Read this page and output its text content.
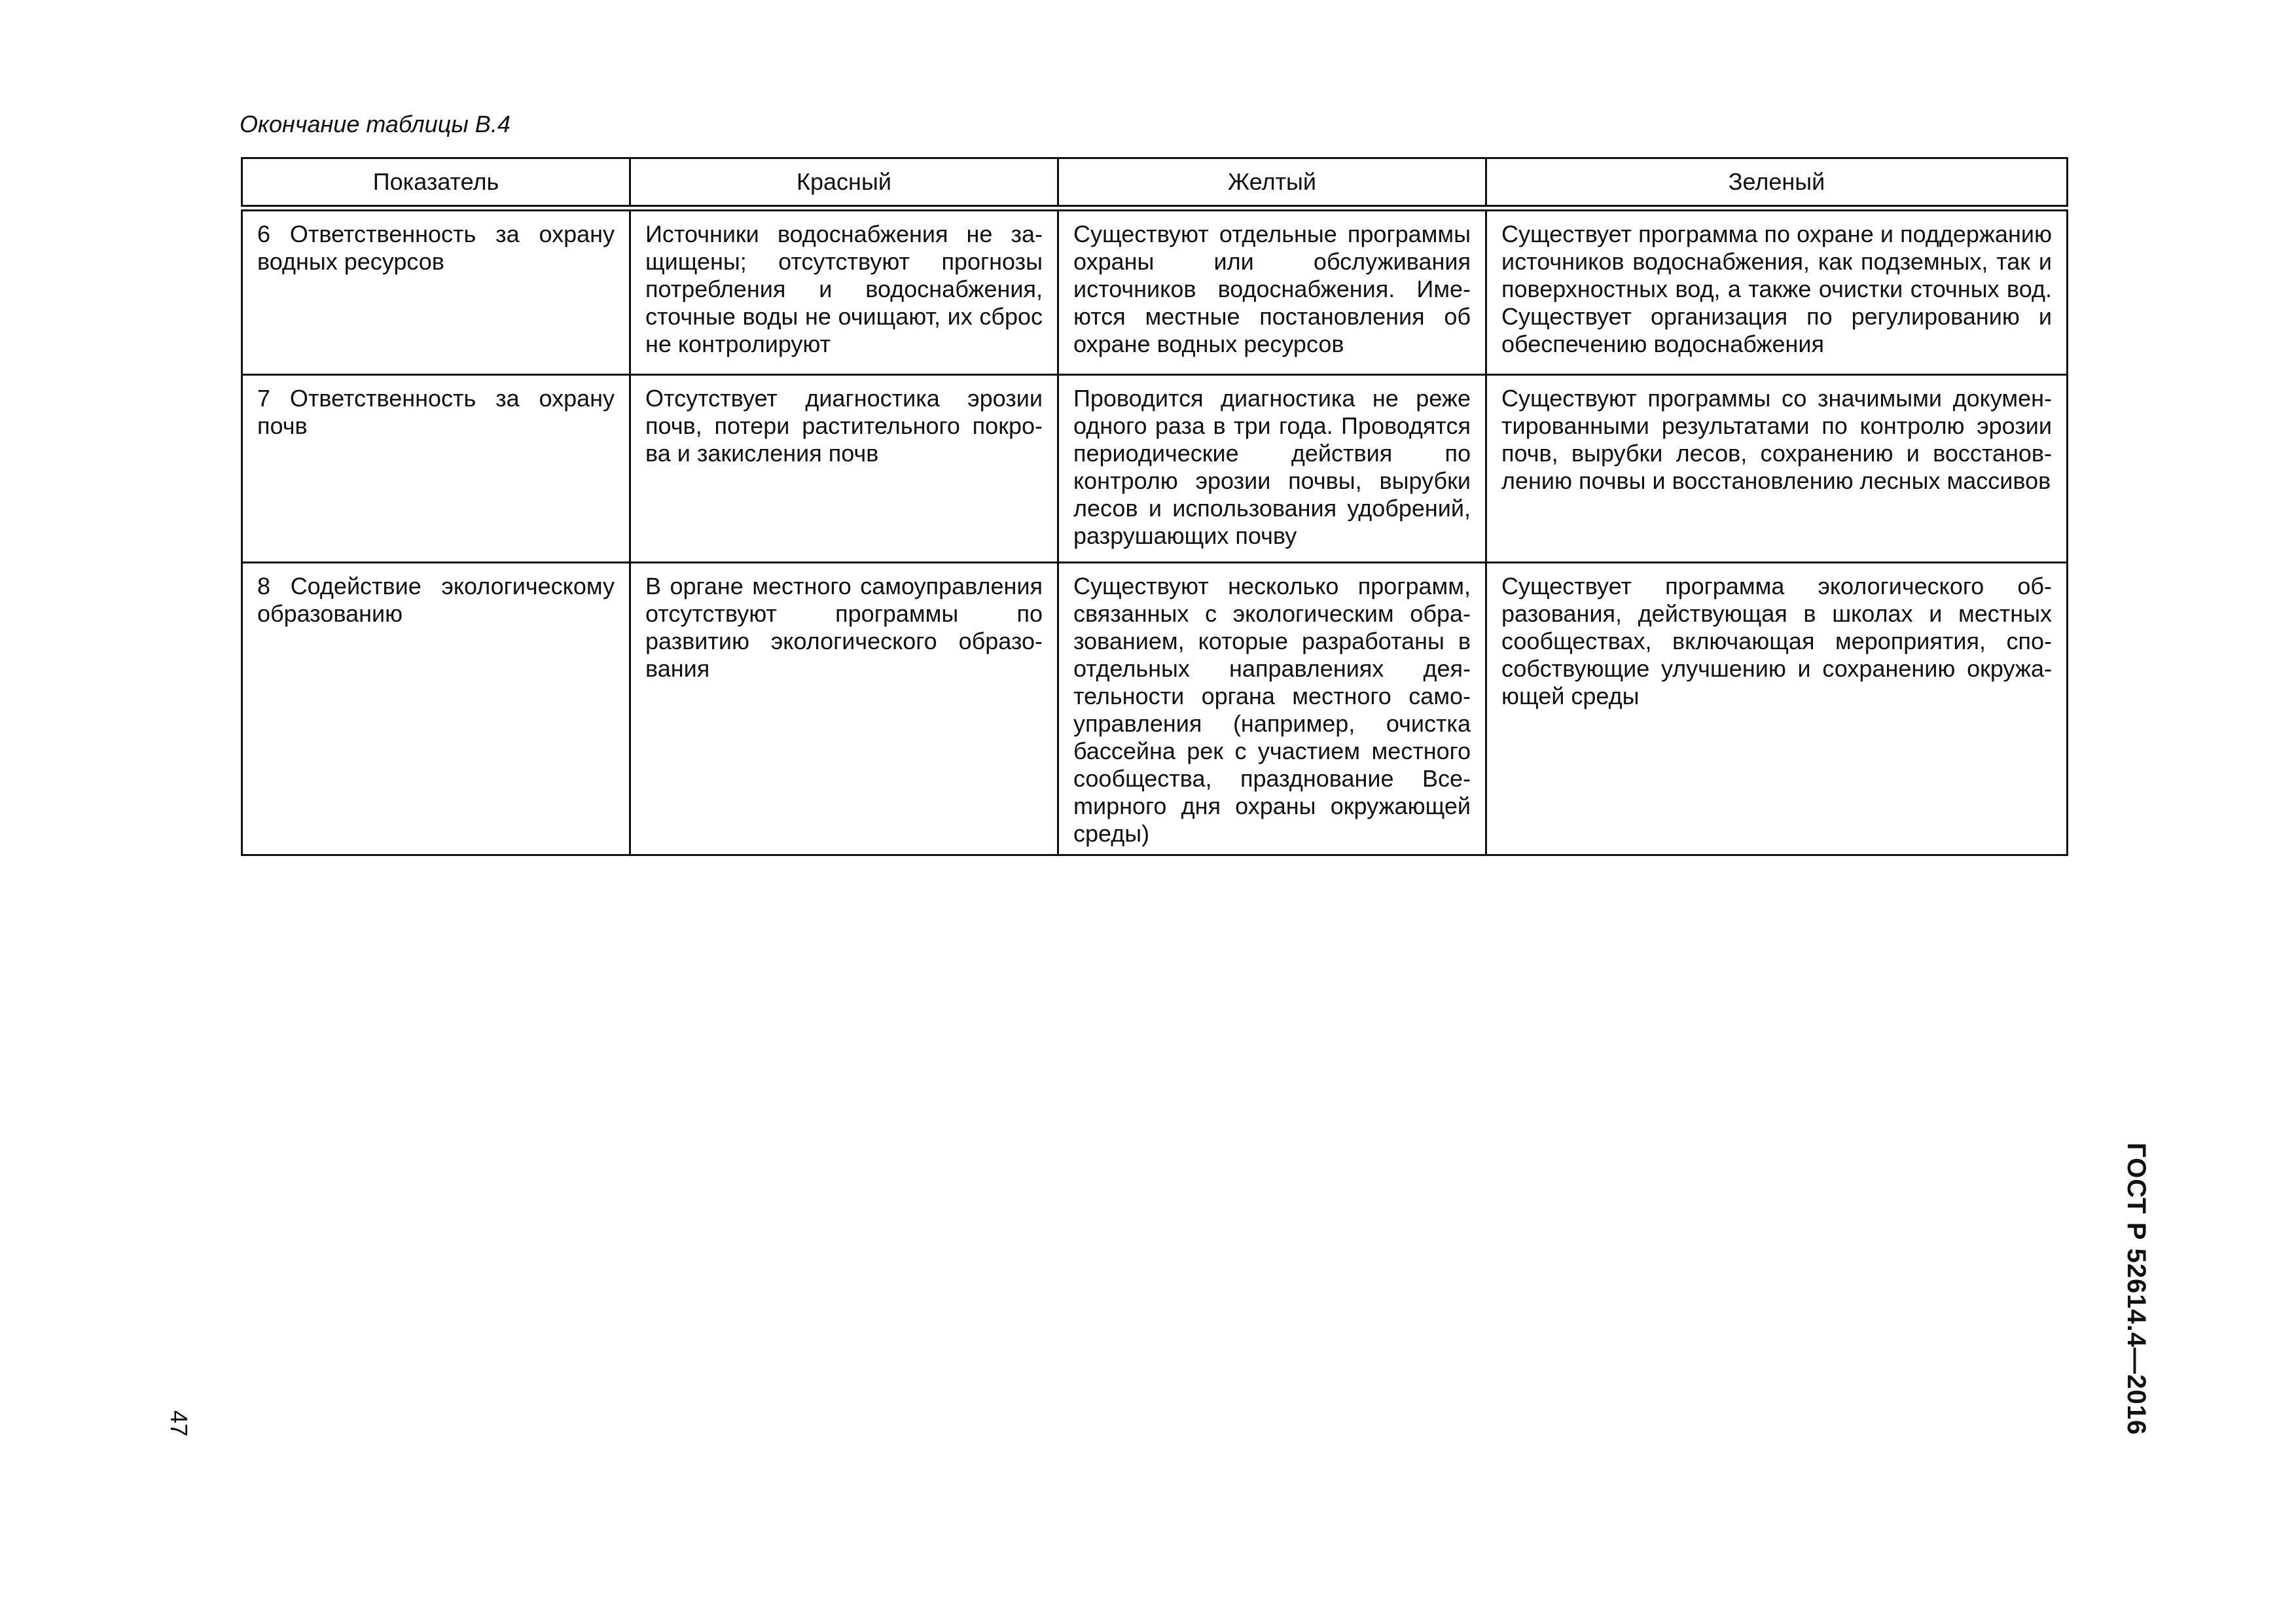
Окончание таблицы В.4
Показатель	Красный	Желтый	Зеленый
6 Ответственность за охрану водных ресурсов	Источники водоснабжения не защищены; отсутствуют прогнозы потребления и водоснабжения, сточные воды не очищают, их сброс не контролируют	Существуют отдельные программы охраны или обслуживания источников водоснабжения. Имеются местные постановления об охране водных ресурсов	Существует программа по охране и поддержанию источников водоснабжения, как подземных, так и поверхностных вод, а также очистки сточных вод. Существует организация по регулированию и обеспечению водоснабжения
7 Ответственность за охрану почв	Отсутствует диагностика эрозии почв, потери растительного покрова и закисления почв	Проводится диагностика не реже одного раза в три года. Проводятся периодические действия по контролю эрозии почвы, вырубки лесов и использования удобрений, разрушающих почву	Существуют программы со значимыми документированными результатами по контролю эрозии почв, вырубки лесов, сохранению и восстановлению почвы и восстановлению лесных массивов
8 Содействие экологическому образованию	В органе местного самоуправления отсутствуют программы по развитию экологического образования	Существуют несколько программ, связанных с экологическим образованием, которые разработаны в отдельных направлениях деятельности органа местного самоуправления (например, очистка бассейна рек с участием местного сообщества, празднование Всеmирного дня охраны окружающей среды)	Существует программа экологического образования, действующая в школах и местных сообществах, включающая мероприятия, способствующие улучшению и сохранению окружающей среды
47	ГОСТ Р 52614.4—2016
